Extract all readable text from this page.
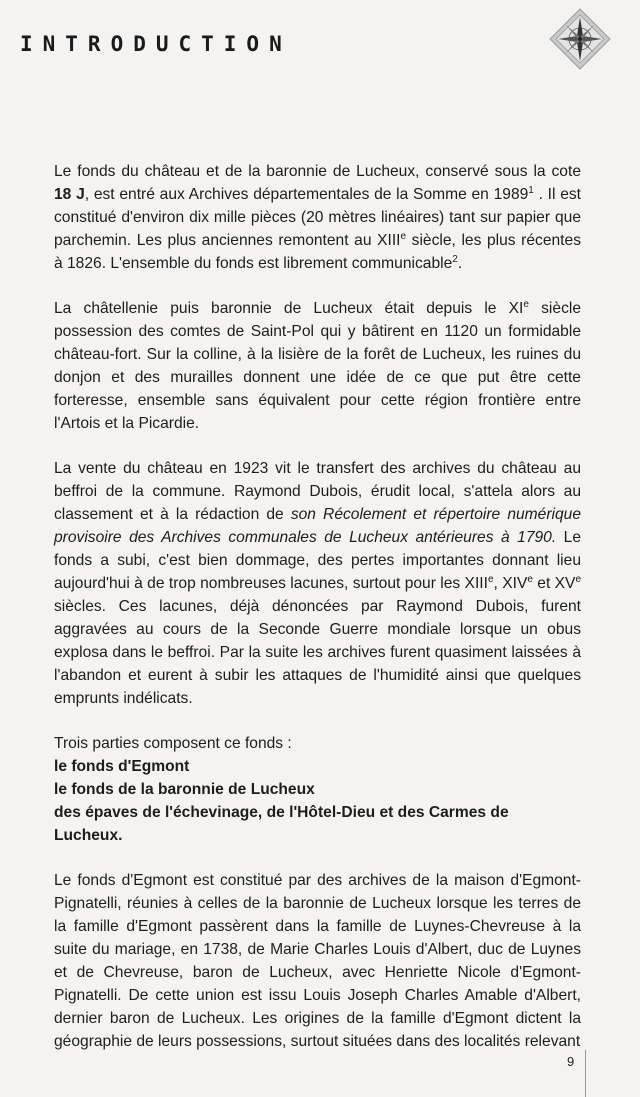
INTRODUCTION

Le fonds du château et de la baronnie de Lucheux, conservé sous la cote 18 J, est entré aux Archives départementales de la Somme en 1989$^1$ . Il est constitué d'environ dix mille pièces (20 mètres linéaires) tant sur papier que parchemin. Les plus anciennes remontent au XIIIe siècle, les plus récentes à 1826. L'ensemble du fonds est librement communicable$^2$.

La châtellenie puis baronnie de Lucheux était depuis le XIe siècle possession des comtes de Saint-Pol qui y bâtirent en 1120 un formidable château-fort. Sur la colline, à la lisière de la forêt de Lucheux, les ruines du donjon et des murailles donnent une idée de ce que put être cette forteresse, ensemble sans équivalent pour cette région frontière entre l'Artois et la Picardie.

La vente du château en 1923 vit le transfert des archives du château au beffroi de la commune. Raymond Dubois, érudit local, s'attela alors au classement et à la rédaction de son Récolement et répertoire numérique provisoire des Archives communales de Lucheux antérieures à 1790. Le fonds a subi, c'est bien dommage, des pertes importantes donnant lieu aujourd'hui à de trop nombreuses lacunes, surtout pour les XIIIe, XIVe et XVe siècles. Ces lacunes, déjà dénoncées par Raymond Dubois, furent aggravées au cours de la Seconde Guerre mondiale lorsque un obus explosa dans le beffroi. Par la suite les archives furent quasiment laissées à l'abandon et eurent à subir les attaques de l'humidité ainsi que quelques emprunts indélicats.

Trois parties composent ce fonds :
le fonds d'Egmont
le fonds de la baronnie de Lucheux
des épaves de l'échevinage, de l'Hôtel-Dieu et des Carmes de Lucheux.

Le fonds d'Egmont est constitué par des archives de la maison d'Egmont-Pignatelli, réunies à celles de la baronnie de Lucheux lorsque les terres de la famille d'Egmont passèrent dans la famille de Luynes-Chevreuse à la suite du mariage, en 1738, de Marie Charles Louis d'Albert, duc de Luynes et de Chevreuse, baron de Lucheux, avec Henriette Nicole d'Egmont-Pignatelli. De cette union est issu Louis Joseph Charles Amable d'Albert, dernier baron de Lucheux. Les origines de la famille d'Egmont dictent la géographie de leurs possessions, surtout situées dans des localités relevant

9
